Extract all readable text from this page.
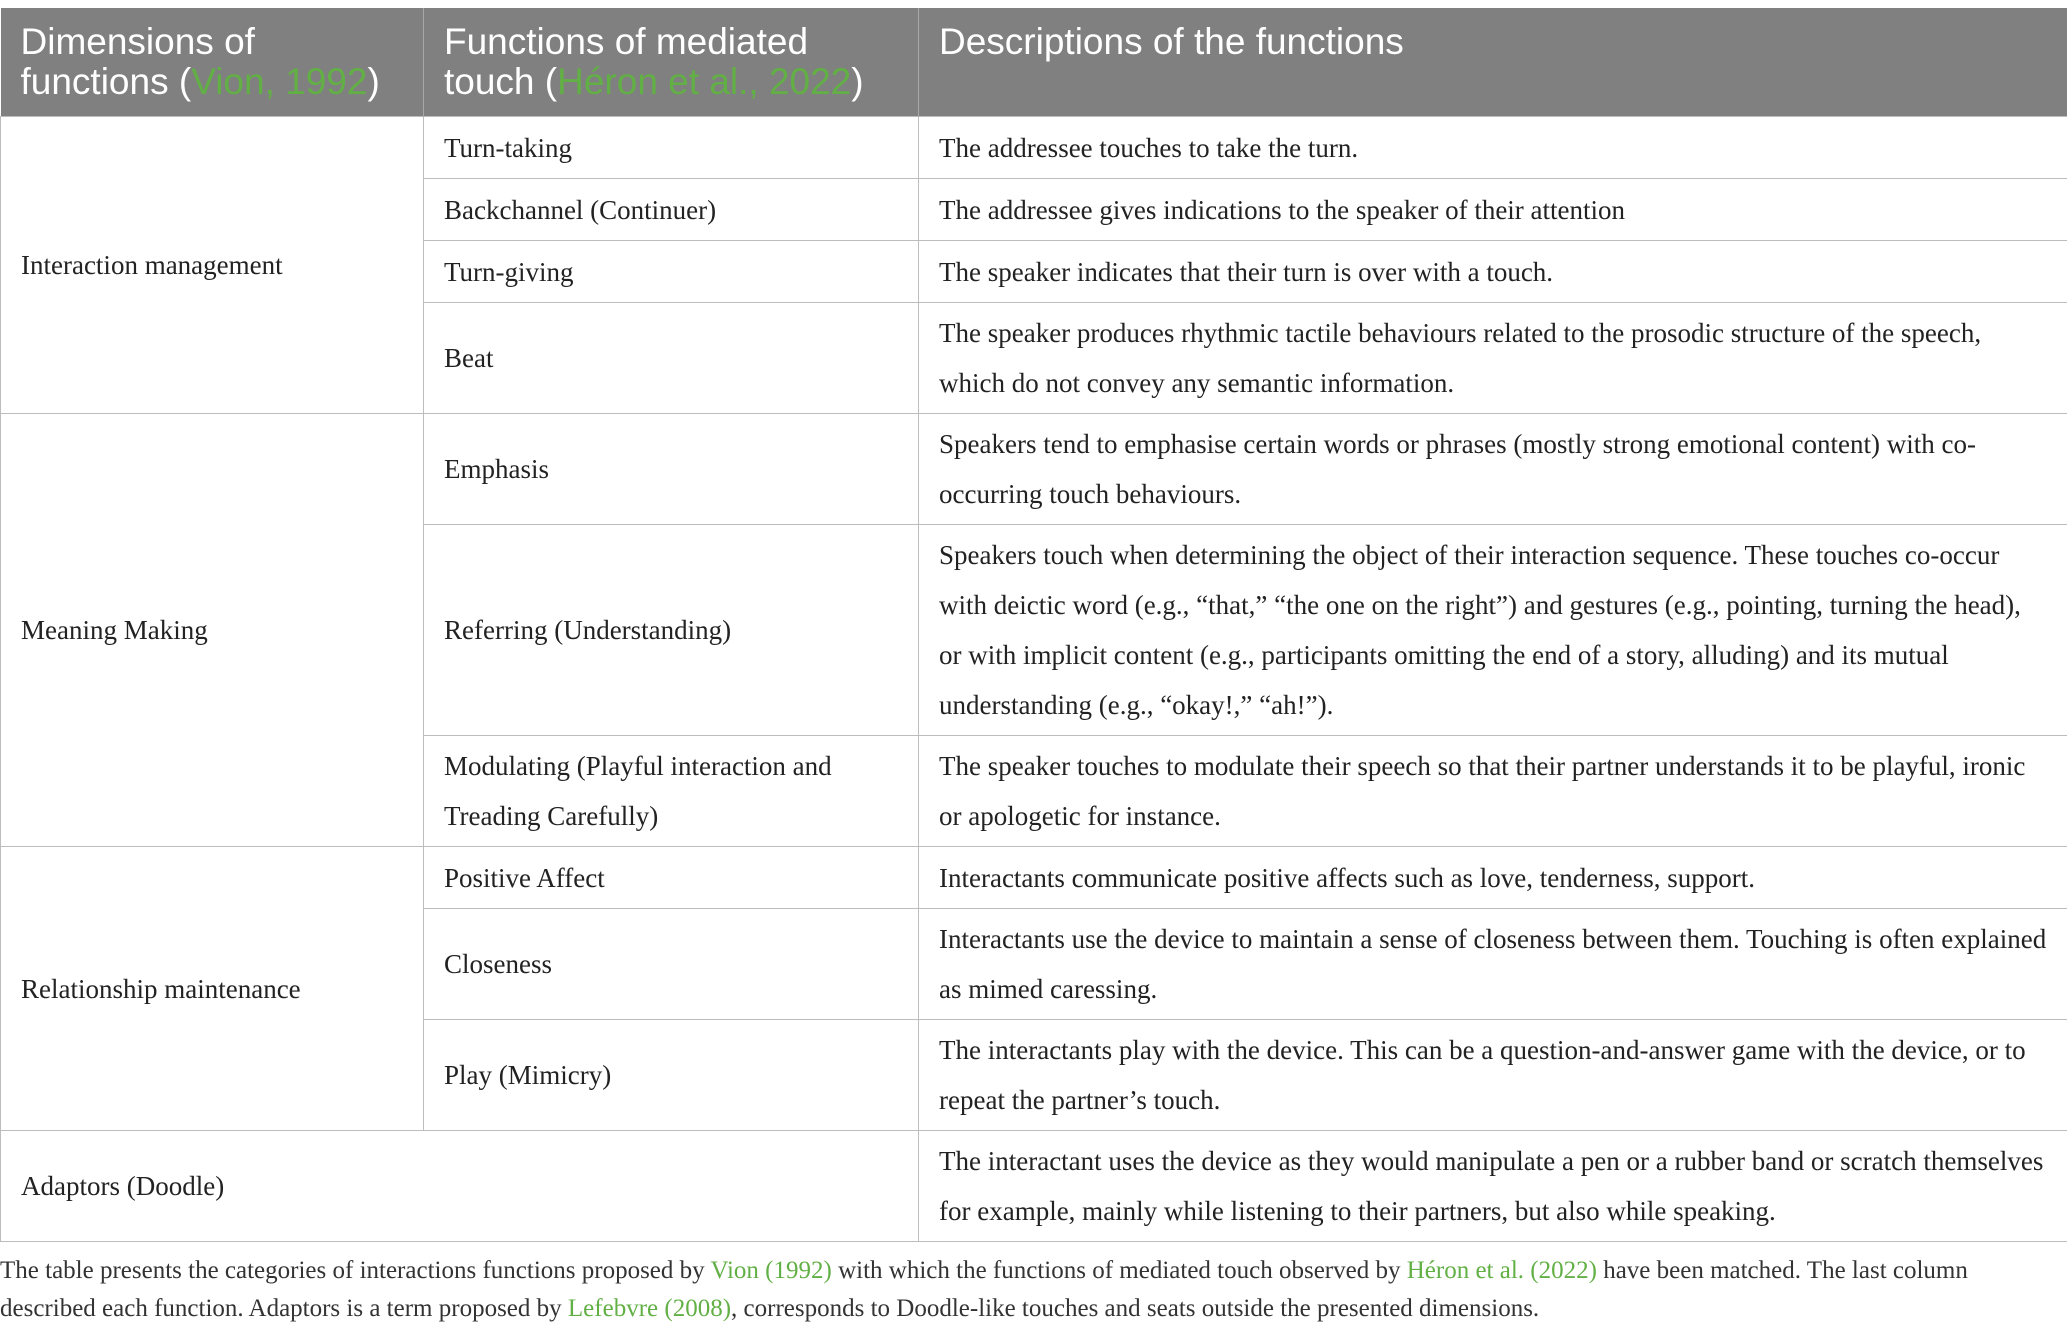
Dimensions of functions (Vion, 1992)	Functions of mediated touch (Héron et al., 2022)	Descriptions of the functions
Interaction management	Turn-taking	The addressee touches to take the turn.
	Backchannel (Continuer)	The addressee gives indications to the speaker of their attention
	Turn-giving	The speaker indicates that their turn is over with a touch.
	Beat	The speaker produces rhythmic tactile behaviours related to the prosodic structure of the speech, which do not convey any semantic information.
Meaning Making	Emphasis	Speakers tend to emphasise certain words or phrases (mostly strong emotional content) with co-occurring touch behaviours.
	Referring (Understanding)	Speakers touch when determining the object of their interaction sequence. These touches co-occur with deictic word (e.g., “that,” “the one on the right”) and gestures (e.g., pointing, turning the head), or with implicit content (e.g., participants omitting the end of a story, alluding) and its mutual understanding (e.g., “okay!,” “ah!”).
	Modulating (Playful interaction and Treading Carefully)	The speaker touches to modulate their speech so that their partner understands it to be playful, ironic or apologetic for instance.
Relationship maintenance	Positive Affect	Interactants communicate positive affects such as love, tenderness, support.
	Closeness	Interactants use the device to maintain a sense of closeness between them. Touching is often explained as mimed caressing.
	Play (Mimicry)	The interactants play with the device. This can be a question-and-answer game with the device, or to repeat the partner’s touch.
Adaptors (Doodle)		The interactant uses the device as they would manipulate a pen or a rubber band or scratch themselves for example, mainly while listening to their partners, but also while speaking.
The table presents the categories of interactions functions proposed by Vion (1992) with which the functions of mediated touch observed by Héron et al. (2022) have been matched. The last column described each function. Adaptors is a term proposed by Lefebvre (2008), corresponds to Doodle-like touches and seats outside the presented dimensions.
